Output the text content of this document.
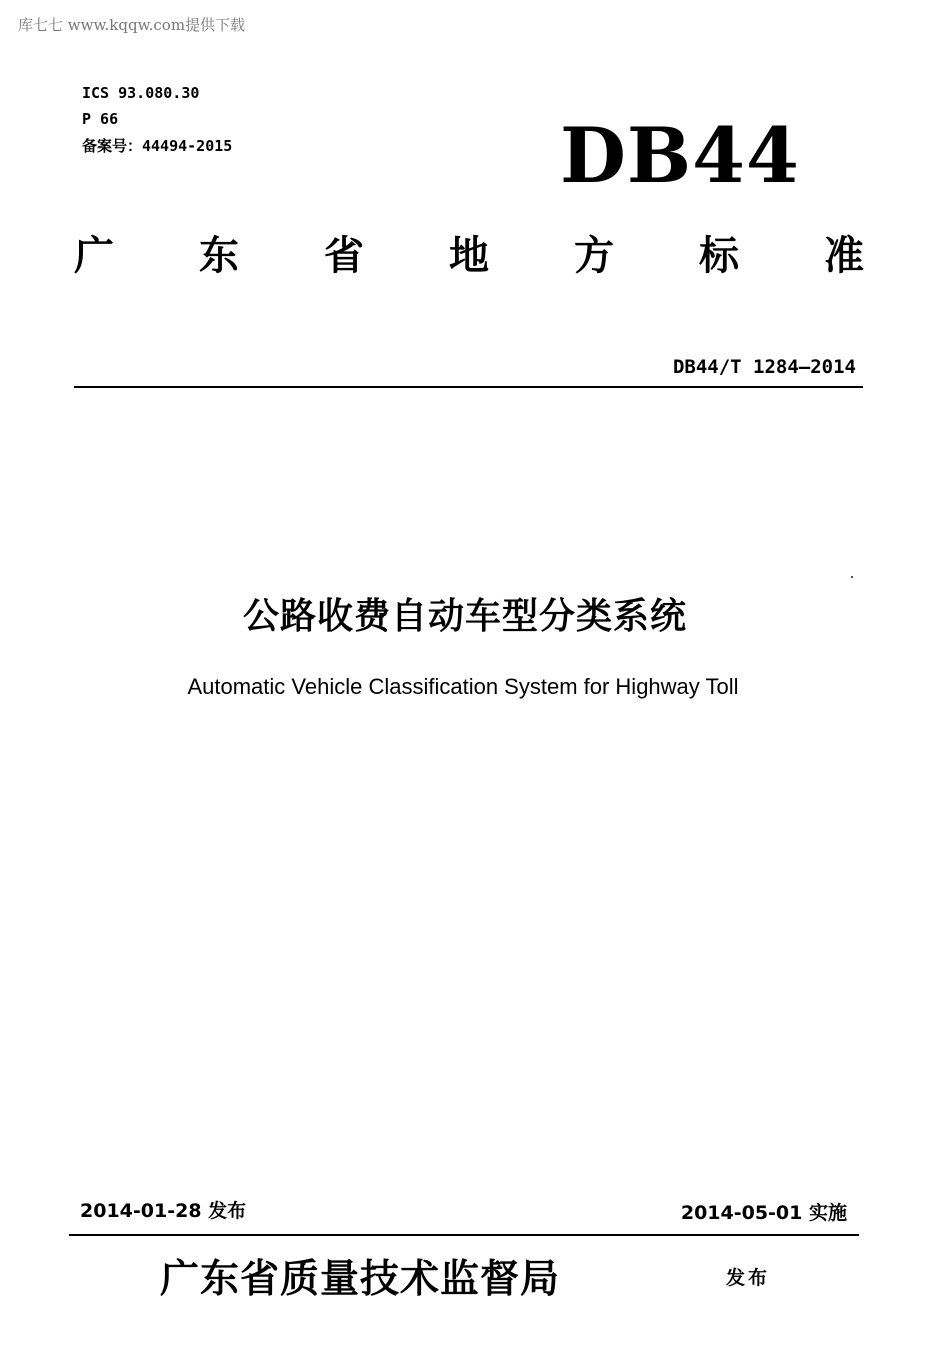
库七七 www.kqqw.com提供下载
ICS 93.080.30
P 66
备案号：44494-2015	DB44
广 东 省 地 方 标 准
DB44/T 1284—2014
公路收费自动车型分类系统
Automatic Vehicle Classification System for Highway Toll
2014-01-28 发布	2014-05-01 实施
广东省质量技术监督局	发布
